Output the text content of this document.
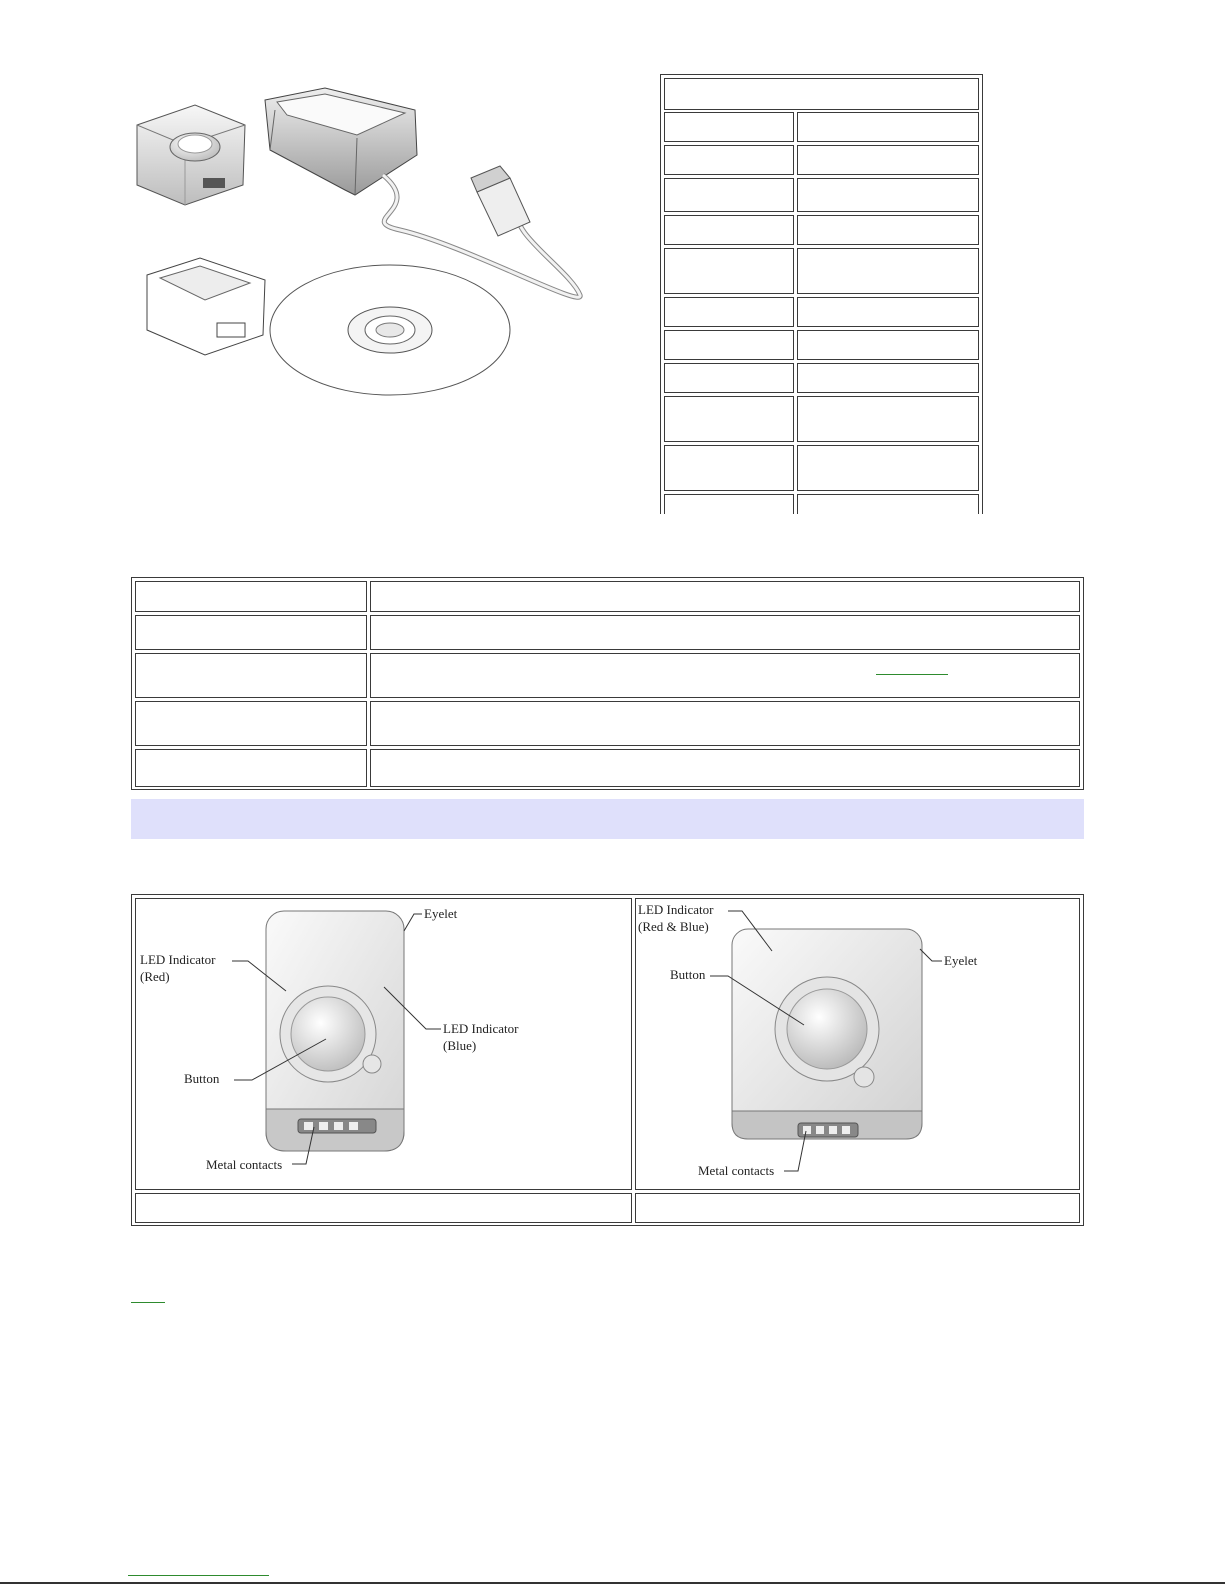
Eyelet
LED Indicator
(Red)
LED Indicator
(Blue)
Button
Metal contacts
LED Indicator
(Red & Blue)
Button
Eyelet
Metal contacts
